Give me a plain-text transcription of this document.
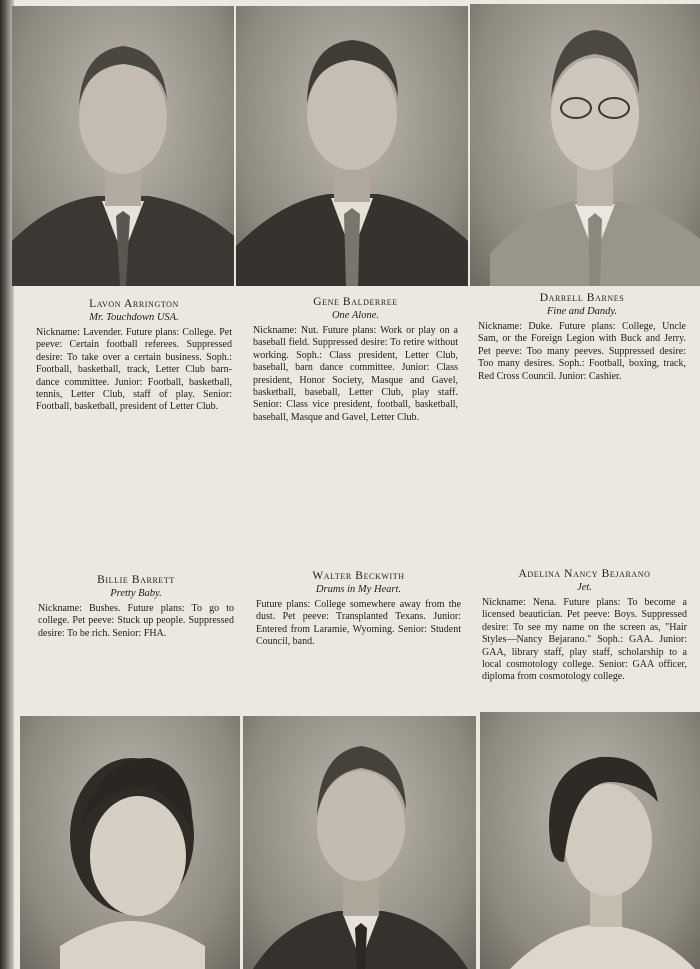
Lavon Arrington
Mr. Touchdown USA.

Nickname: Lavender. Future plans: College. Pet peeve: Certain football referees. Suppressed desire: To take over a certain business. Soph.: Football, basketball, track, Letter Club barn-dance committee. Junior: Football, basketball, tennis, Letter Club, staff of play. Senior: Football, basketball, president of Letter Club.

Gene Balderree
One Alone.

Nickname: Nut. Future plans: Work or play on a baseball field. Suppressed desire: To retire without working. Soph.: Class president, Letter Club, baseball, barn dance committee. Junior: Class president, Honor Society, Masque and Gavel, basketball, baseball, Letter Club, play staff. Senior: Class vice president, football, basketball, baseball, Masque and Gavel, Letter Club.

Darrell Barnes
Fine and Dandy.

Nickname: Duke. Future plans: College, Uncle Sam, or the Foreign Legion with Buck and Jerry. Pet peeve: Too many peeves. Suppressed desire: Too many desires. Soph.: Football, boxing, track, Red Cross Council. Junior: Cashier.

Billie Barrett
Pretty Baby.

Nickname: Bushes. Future plans: To go to college. Pet peeve: Stuck up people. Suppressed desire: To be rich. Senior: FHA.

Walter Beckwith
Drums in My Heart.

Future plans: College somewhere away from the dust. Pet peeve: Transplanted Texans. Junior: Entered from Laramie, Wyoming. Senior: Student Council, band.

Adelina Nancy Bejarano
Jet.

Nickname: Nena. Future plans: To become a licensed beautician. Pet peeve: Boys. Suppressed desire: To see my name on the screen as, "Hair Styles—Nancy Bejarano." Soph.: GAA. Junior: GAA, library staff, play staff, scholarship to a local cosmotology college. Senior: GAA officer, diploma from cosmotology college.
